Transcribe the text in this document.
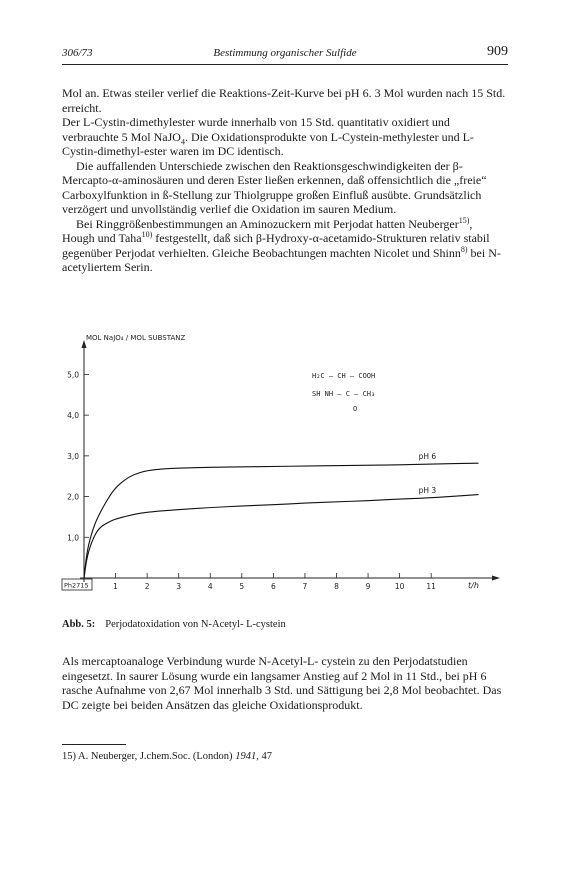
306/73	Bestimmung organischer Sulfide	909

Mol an. Etwas steiler verlief die Reaktions-Zeit-Kurve bei pH 6. 3 Mol wurden nach 15 Std. erreicht.

Der L-Cystin-dimethylester wurde innerhalb von 15 Std. quantitativ oxidiert und verbrauchte 5 Mol NaJO$_4$. Die Oxidationsprodukte von L-Cystein-methylester und L-Cystin-dimethyl-ester waren im DC identisch.

Die auffallenden Unterschiede zwischen den Reaktionsgeschwindigkeiten der β-Mercapto-α-aminosäuren und deren Ester ließen erkennen, daß offensichtlich die „freie“ Carboxylfunktion in ß-Stellung zur Thiolgruppe großen Einfluß ausübte. Grundsätzlich verzögert und unvollständig verlief die Oxidation im sauren Medium.

Bei Ringgrößenbestimmungen an Aminozuckern mit Perjodat hatten Neuberger$^{15)}$, Hough und Taha$^{10)}$ festgestellt, daß sich β-Hydroxy-α-acetamido-Strukturen relativ stabil gegenüber Perjodat verhielten. Gleiche Beobachtungen machten Nicolet und Shinn$^{8)}$ bei N-acetyliertem Serin.

1,0
2,0
3,0
4,0
5,0
1	2	3	4	5	6	7	8	9	10	11
pH 6
pH 3
MOL NaJO₄ / MOL SUBSTANZ
t/h
Ph2715
H₂C — CH — COOH
SH NH — C — CH₃
O
Abb. 5: Perjodatoxidation von N-Acetyl- L-cystein

Als mercaptoanaloge Verbindung wurde N-Acetyl-L- cystein zu den Perjodatstudien eingesetzt. In saurer Lösung wurde ein langsamer Anstieg auf 2 Mol in 11 Std., bei pH 6 rasche Aufnahme von 2,67 Mol innerhalb 3 Std. und Sättigung bei 2,8 Mol beobachtet. Das DC zeigte bei beiden Ansätzen das gleiche Oxidationsprodukt.

15) A. Neuberger, J.chem.Soc. (London) 1941, 47
